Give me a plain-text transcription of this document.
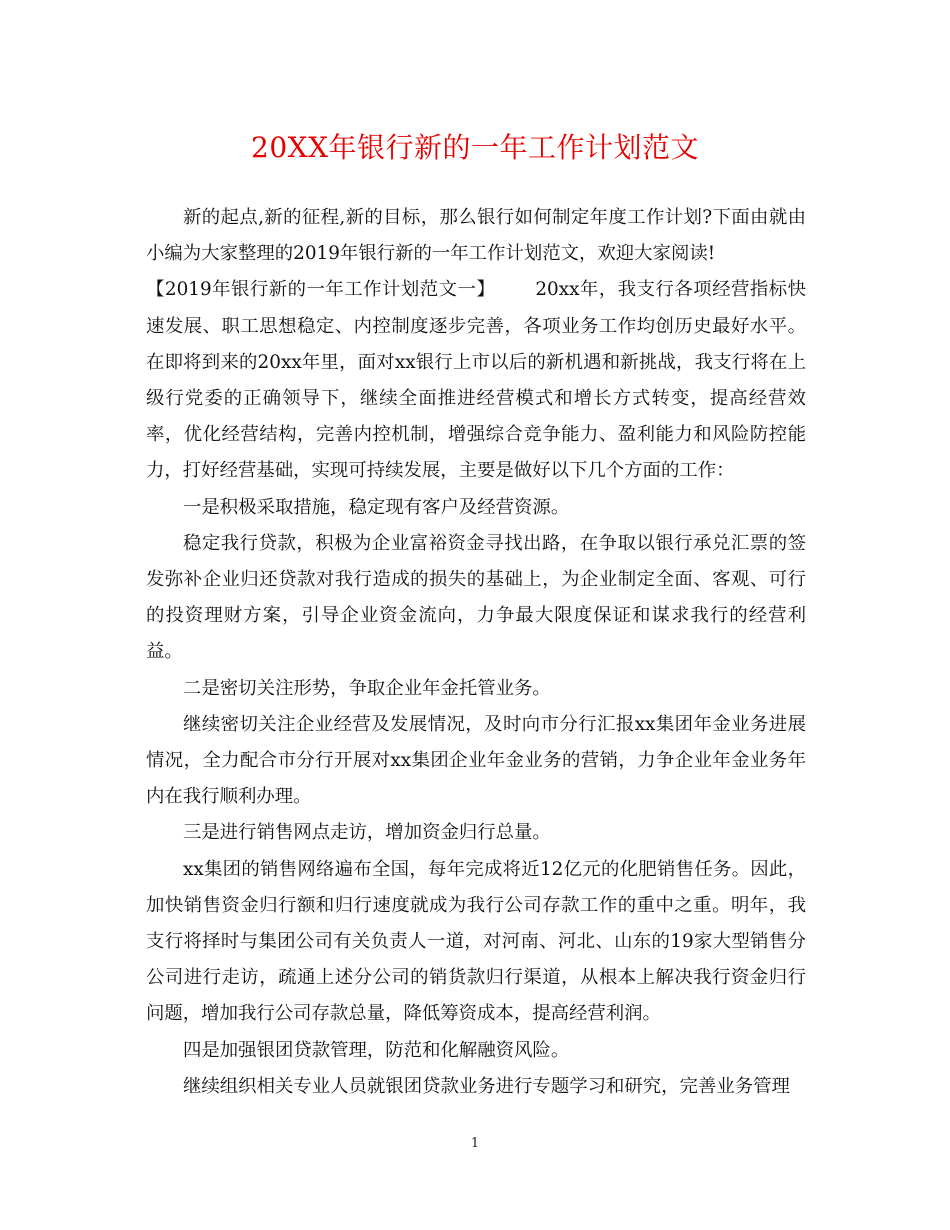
20XX年银行新的一年工作计划范文

新的起点,新的征程,新的目标，那么银行如何制定年度工作计划?下面由就由小编为大家整理的2019年银行新的一年工作计划范文，欢迎大家阅读!

【2019年银行新的一年工作计划范文一】 20xx年，我支行各项经营指标快速发展、职工思想稳定、内控制度逐步完善，各项业务工作均创历史最好水平。在即将到来的20xx年里，面对xx银行上市以后的新机遇和新挑战，我支行将在上级行党委的正确领导下，继续全面推进经营模式和增长方式转变，提高经营效率，优化经营结构，完善内控机制，增强综合竞争能力、盈利能力和风险防控能力，打好经营基础，实现可持续发展，主要是做好以下几个方面的工作：

一是积极采取措施，稳定现有客户及经营资源。

稳定我行贷款，积极为企业富裕资金寻找出路，在争取以银行承兑汇票的签发弥补企业归还贷款对我行造成的损失的基础上，为企业制定全面、客观、可行的投资理财方案，引导企业资金流向，力争最大限度保证和谋求我行的经营利益。

二是密切关注形势，争取企业年金托管业务。

继续密切关注企业经营及发展情况，及时向市分行汇报xx集团年金业务进展情况，全力配合市分行开展对xx集团企业年金业务的营销，力争企业年金业务年内在我行顺利办理。

三是进行销售网点走访，增加资金归行总量。

xx集团的销售网络遍布全国，每年完成将近12亿元的化肥销售任务。因此，加快销售资金归行额和归行速度就成为我行公司存款工作的重中之重。明年，我支行将择时与集团公司有关负责人一道，对河南、河北、山东的19家大型销售分公司进行走访，疏通上述分公司的销货款归行渠道，从根本上解决我行资金归行问题，增加我行公司存款总量，降低筹资成本，提高经营利润。

四是加强银团贷款管理，防范和化解融资风险。

继续组织相关专业人员就银团贷款业务进行专题学习和研究，完善业务管理

1
